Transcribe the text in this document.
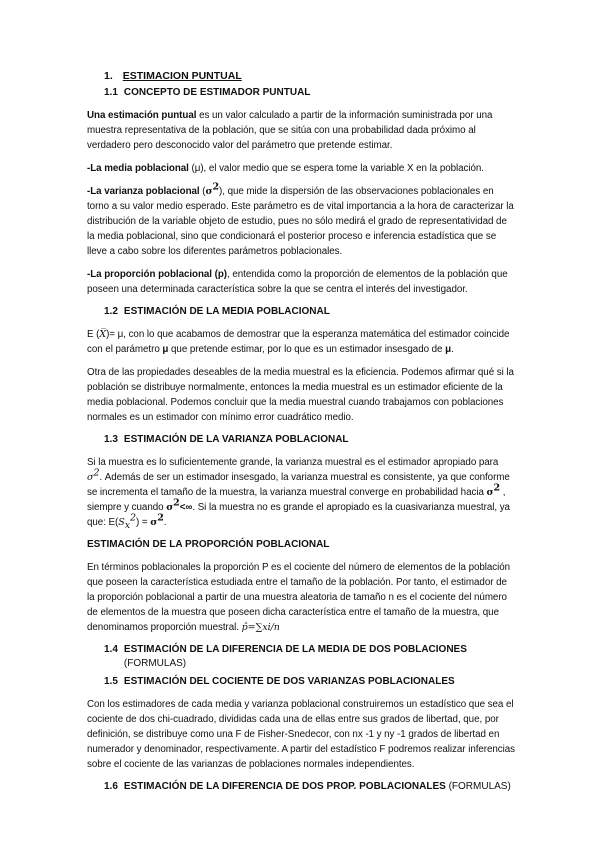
1. ESTIMACION PUNTUAL
1.1 CONCEPTO DE ESTIMADOR PUNTUAL

Una estimación puntual es un valor calculado a partir de la información suministrada por una muestra representativa de la población, que se sitúa con una probabilidad dada próximo al verdadero pero desconocido valor del parámetro que pretende estimar.

-La media poblacional (μ), el valor medio que se espera tome la variable X en la población.

-La varianza poblacional $(\sigma^2)$, que mide la dispersión de las observaciones poblacionales en torno a su valor medio esperado. Este parámetro es de vital importancia a la hora de caracterizar la distribución de la variable objeto de estudio, pues no sólo medirá el grado de representatividad de la media poblacional, sino que condicionará el posterior proceso e inferencia estadística que se lleve a cabo sobre los diferentes parámetros poblacionales.

-La proporción poblacional (p), entendida como la proporción de elementos de la población que poseen una determinada característica sobre la que se centra el interés del investigador.

1.2 ESTIMACIÓN DE LA MEDIA POBLACIONAL

E (X̅)= μ, con lo que acabamos de demostrar que la esperanza matemática del estimador coincide con el parámetro μ que pretende estimar, por lo que es un estimador insesgado de μ.

Otra de las propiedades deseables de la media muestral es la eficiencia. Podemos afirmar qué si la población se distribuye normalmente, entonces la media muestral es un estimador eficiente de la media poblacional. Podemos concluir que la media muestral cuando trabajamos con poblaciones normales es un estimador con mínimo error cuadrático medio.

1.3 ESTIMACIÓN DE LA VARIANZA POBLACIONAL

Si la muestra es lo suficientemente grande, la varianza muestral es el estimador apropiado para $\sigma^2$. Además de ser un estimador insesgado, la varianza muestral es consistente, ya que conforme se incrementa el tamaño de la muestra, la varianza muestral converge en probabilidad hacia $\sigma^2$ , siempre y cuando $\sigma^2<\infty$. Si la muestra no es grande el apropiado es la cuasivarianza muestral, ya que: $E(S_x^2) = \sigma^2$.

ESTIMACIÓN DE LA PROPORCIÓN POBLACIONAL

En términos poblacionales la proporción P es el cociente del número de elementos de la población que poseen la característica estudiada entre el tamaño de la población. Por tanto, el estimador de la proporción poblacional a partir de una muestra aleatoria de tamaño n es el cociente del número de elementos de la muestra que poseen dicha característica entre el tamaño de la muestra, que denominamos proporción muestral. p̂=∑xi/n

1.4 ESTIMACIÓN DE LA DIFERENCIA DE LA MEDIA DE DOS POBLACIONES (FORMULAS)
1.5 ESTIMACIÓN DEL COCIENTE DE DOS VARIANZAS POBLACIONALES

Con los estimadores de cada media y varianza poblacional construiremos un estadístico que sea el cociente de dos chi-cuadrado, divididas cada una de ellas entre sus grados de libertad, que, por definición, se distribuye como una F de Fisher-Snedecor, con nx -1 y ny -1 grados de libertad en numerador y denominador, respectivamente. A partir del estadístico F podremos realizar inferencias sobre el cociente de las varianzas de poblaciones normales independientes.

1.6 ESTIMACIÓN DE LA DIFERENCIA DE DOS PROP. POBLACIONALES (FORMULAS)
